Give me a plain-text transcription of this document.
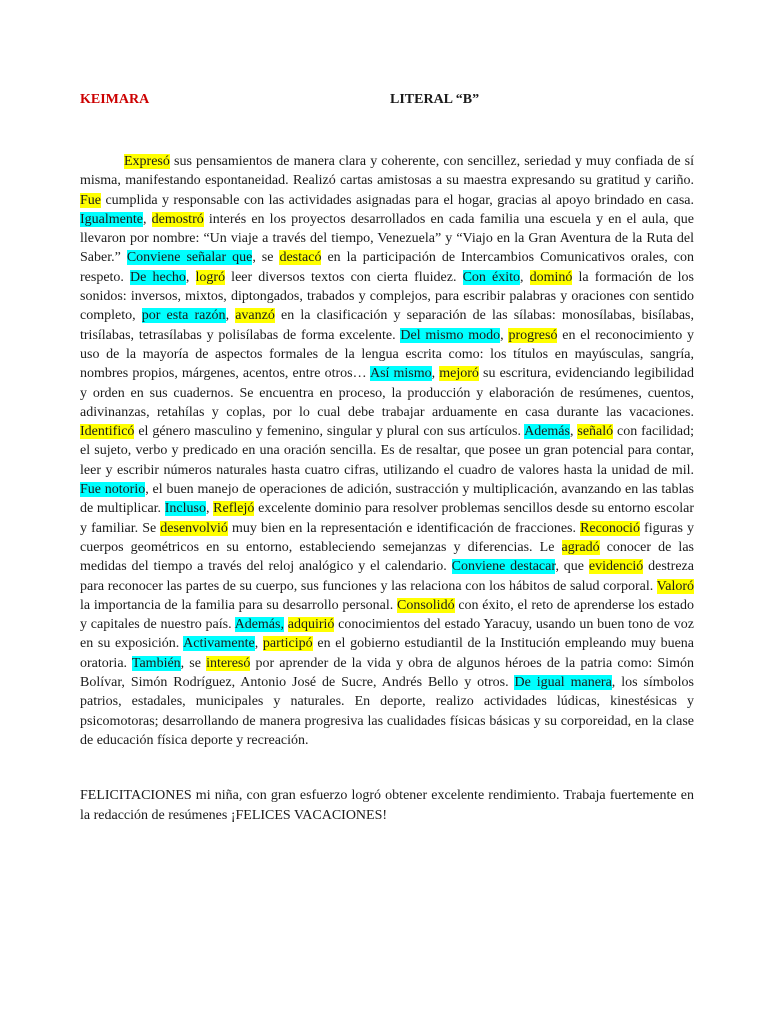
KEIMARA	LITERAL “B”

Expresó sus pensamientos de manera clara y coherente, con sencillez, seriedad y muy confiada de sí misma, manifestando espontaneidad. Realizó cartas amistosas a su maestra expresando su gratitud y cariño. Fue cumplida y responsable con las actividades asignadas para el hogar, gracias al apoyo brindado en casa. Igualmente, demostró interés en los proyectos desarrollados en cada familia una escuela y en el aula, que llevaron por nombre: “Un viaje a través del tiempo, Venezuela” y “Viajo en la Gran Aventura de la Ruta del Saber.” Conviene señalar que, se destacó en la participación de Intercambios Comunicativos orales, con respeto. De hecho, logró leer diversos textos con cierta fluidez. Con éxito, dominó la formación de los sonidos: inversos, mixtos, diptongados, trabados y complejos, para escribir palabras y oraciones con sentido completo, por esta razón, avanzó en la clasificación y separación de las sílabas: monosílabas, bisílabas, trisílabas, tetrasílabas y polisílabas de forma excelente. Del mismo modo, progresó en el reconocimiento y uso de la mayoría de aspectos formales de la lengua escrita como: los títulos en mayúsculas, sangría, nombres propios, márgenes, acentos, entre otros… Así mismo, mejoró su escritura, evidenciando legibilidad y orden en sus cuadernos. Se encuentra en proceso, la producción y elaboración de resúmenes, cuentos, adivinanzas, retahílas y coplas, por lo cual debe trabajar arduamente en casa durante las vacaciones. Identificó el género masculino y femenino, singular y plural con sus artículos. Además, señaló con facilidad; el sujeto, verbo y predicado en una oración sencilla. Es de resaltar, que posee un gran potencial para contar, leer y escribir números naturales hasta cuatro cifras, utilizando el cuadro de valores hasta la unidad de mil. Fue notorio, el buen manejo de operaciones de adición, sustracción y multiplicación, avanzando en las tablas de multiplicar. Incluso, Reflejó excelente dominio para resolver problemas sencillos desde su entorno escolar y familiar. Se desenvolvió muy bien en la representación e identificación de fracciones. Reconoció figuras y cuerpos geométricos en su entorno, estableciendo semejanzas y diferencias. Le agradó conocer de las medidas del tiempo a través del reloj analógico y el calendario. Conviene destacar, que evidenció destreza para reconocer las partes de su cuerpo, sus funciones y las relaciona con los hábitos de salud corporal. Valoró la importancia de la familia para su desarrollo personal. Consolidó con éxito, el reto de aprenderse los estado y capitales de nuestro país. Además, adquirió conocimientos del estado Yaracuy, usando un buen tono de voz en su exposición. Activamente, participó en el gobierno estudiantil de la Institución empleando muy buena oratoria. También, se interesó por aprender de la vida y obra de algunos héroes de la patria como: Simón Bolívar, Simón Rodríguez, Antonio José de Sucre, Andrés Bello y otros. De igual manera, los símbolos patrios, estadales, municipales y naturales. En deporte, realizo actividades lúdicas, kinestésicas y psicomotoras; desarrollando de manera progresiva las cualidades físicas básicas y su corporeidad, en la clase de educación física deporte y recreación.

FELICITACIONES mi niña, con gran esfuerzo logró obtener excelente rendimiento. Trabaja fuertemente en la redacción de resúmenes ¡FELICES VACACIONES!
